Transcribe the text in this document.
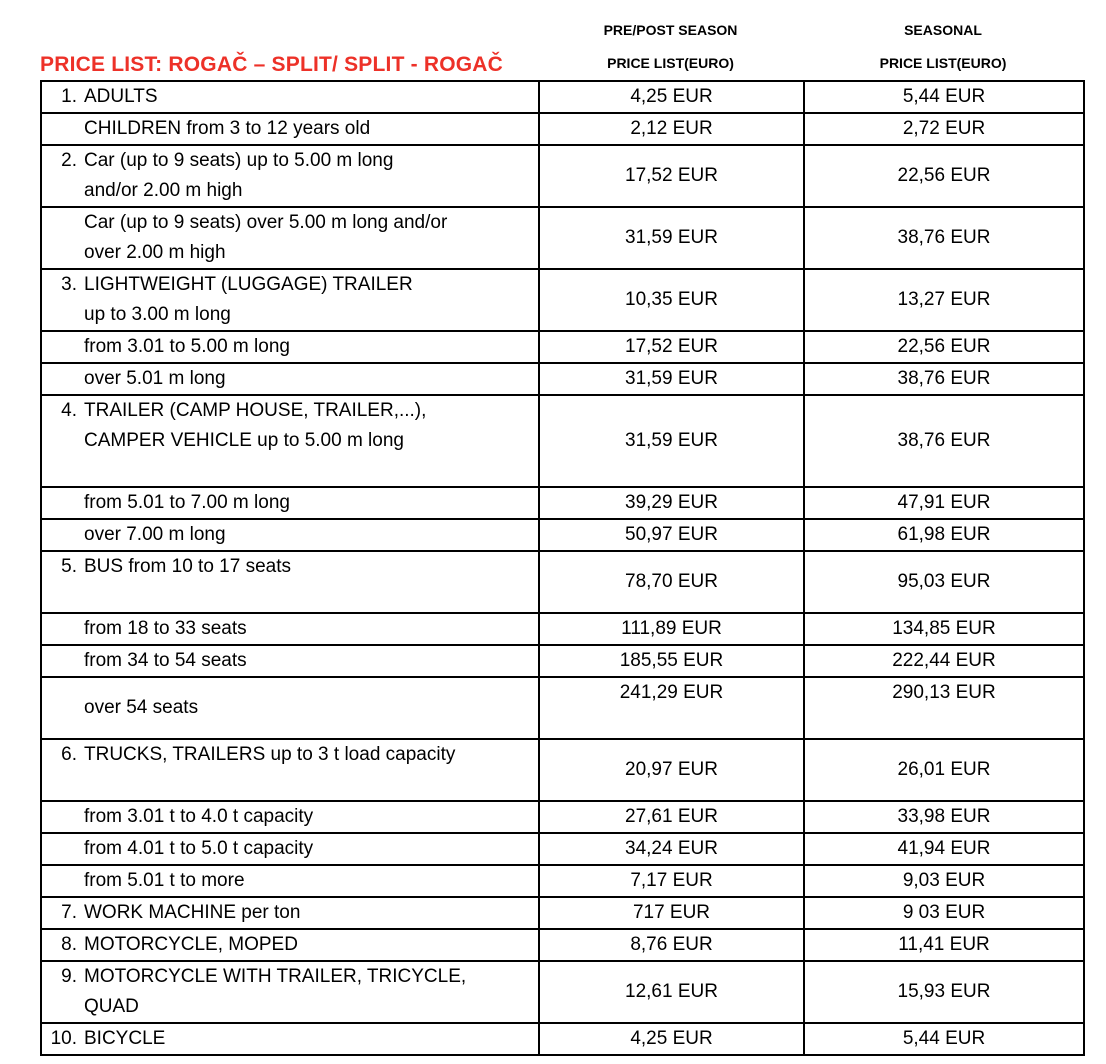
PRICE LIST: ROGAČ – SPLIT/ SPLIT - ROGAČ
PRE/POST SEASON
PRICE LIST(EURO)
SEASONAL
PRICE LIST(EURO)
1. ADULTS	4,25 EUR	5,44 EUR

CHILDREN from 3 to 12 years old	2,12 EUR	2,72 EUR

2. Car (up to 9 seats) up to 5.00 m long
and/or 2.00 m high	17,52 EUR	22,56 EUR

Car (up to 9 seats) over 5.00 m long and/or
over 2.00 m high	31,59 EUR	38,76 EUR

3. LIGHTWEIGHT (LUGGAGE) TRAILER
up to 3.00 m long	10,35 EUR	13,27 EUR

from 3.01 to 5.00 m long	17,52 EUR	22,56 EUR

over 5.01 m long	31,59 EUR	38,76 EUR

4. TRAILER (CAMP HOUSE, TRAILER,...),
CAMPER VEHICLE up to 5.00 m long	31,59 EUR	38,76 EUR

from 5.01 to 7.00 m long	39,29 EUR	47,91 EUR

over 7.00 m long	50,97 EUR	61,98 EUR

5. BUS from 10 to 17 seats	78,70 EUR	95,03 EUR

from 18 to 33 seats	111,89 EUR	134,85 EUR

from 34 to 54 seats	185,55 EUR	222,44 EUR

over 54 seats	241,29 EUR	290,13 EUR

6. TRUCKS, TRAILERS up to 3 t load capacity	20,97 EUR	26,01 EUR

from 3.01 t to 4.0 t capacity	27,61 EUR	33,98 EUR

from 4.01 t to 5.0 t capacity	34,24 EUR	41,94 EUR

from 5.01 t to more	7,17 EUR	9,03 EUR

7. WORK MACHINE per ton	717 EUR	9 03 EUR

8. MOTORCYCLE, MOPED	8,76 EUR	11,41 EUR

9. MOTORCYCLE WITH TRAILER, TRICYCLE,
QUAD	12,61 EUR	15,93 EUR

10. BICYCLE	4,25 EUR	5,44 EUR
